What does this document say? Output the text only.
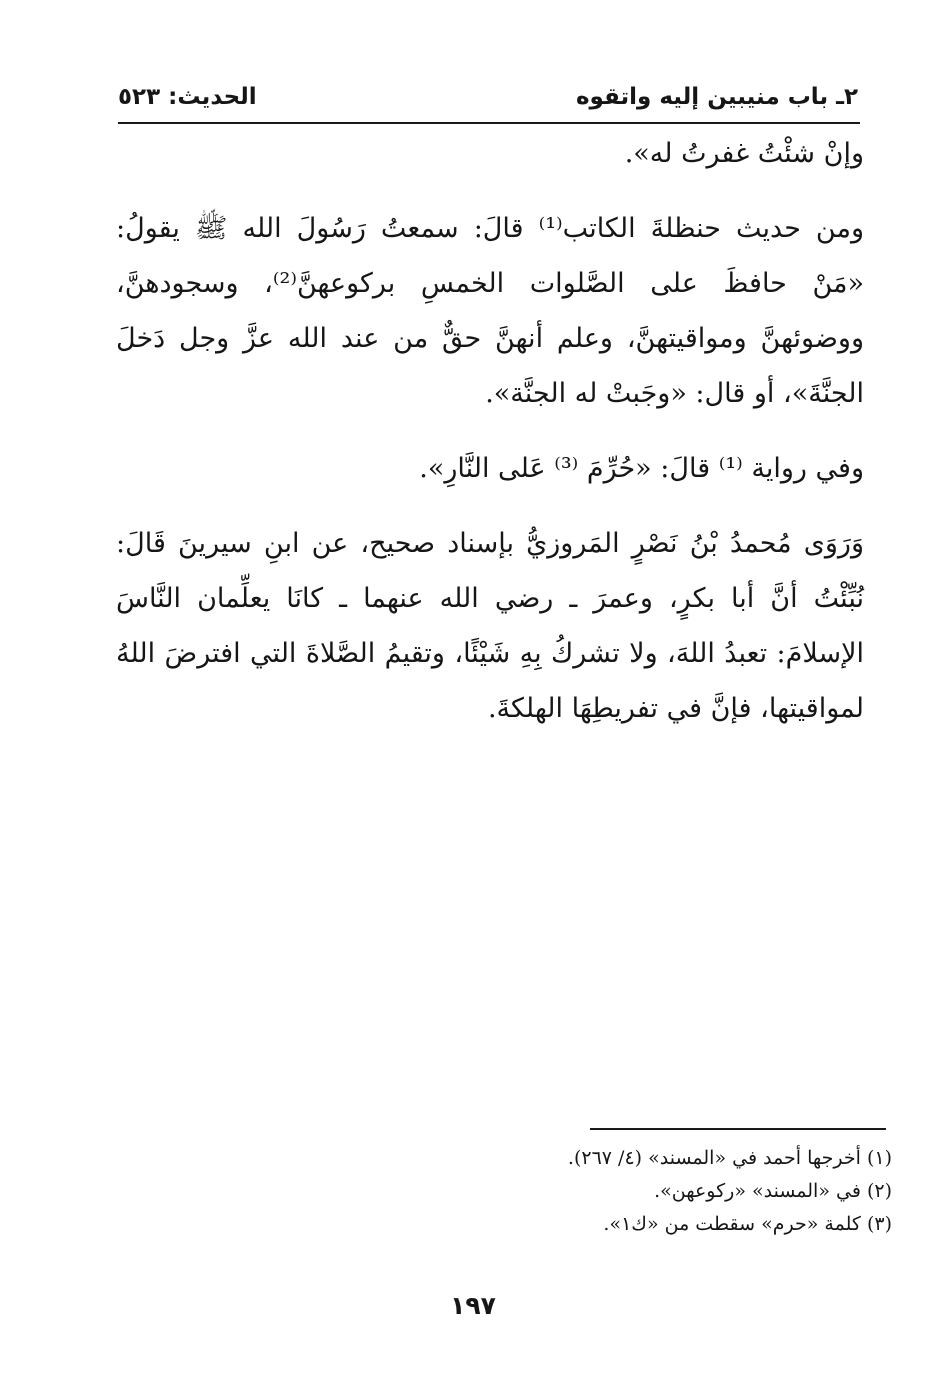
٢ـ باب منيبين إليه واتقوه
الحديث: ٥٢٣

وإنْ شئْتُ غفرتُ له».

ومن حديث حنظلةَ الكاتب⁽¹⁾ قالَ: سمعتُ رَسُولَ الله ﷺ يقولُ: «مَنْ حافظَ على الصَّلوات الخمسِ بركوعهنَّ⁽²⁾، وسجودهنَّ، ووضوئهنَّ ومواقيتهنَّ، وعلم أنهنَّ حقٌّ من عند الله عزَّ وجل دَخلَ الجنَّةَ»، أو قال: «وجَبتْ له الجنَّة».

وفي رواية ⁽¹⁾ قالَ: «حُرِّمَ ⁽³⁾ عَلى النَّارِ».

وَرَوَى مُحمدُ بْنُ نَصْرٍ المَروزيُّ بإسناد صحيح، عن ابنِ سيرينَ قَالَ: نُبِّئْتُ أنَّ أبا بكرٍ، وعمرَ ـ رضي الله عنهما ـ كانَا يعلِّمان النَّاسَ الإسلامَ: تعبدُ اللهَ، ولا تشركُ بِهِ شَيْئًا، وتقيمُ الصَّلاةَ التي افترضَ اللهُ لمواقيتها، فإنَّ في تفريطِهَا الهلكةَ.

(١) أخرجها أحمد في «المسند» (٤/ ٢٦٧).
(٢) في «المسند» «ركوعهن».
(٣) كلمة «حرم» سقطت من «ك١».
١٩٧
